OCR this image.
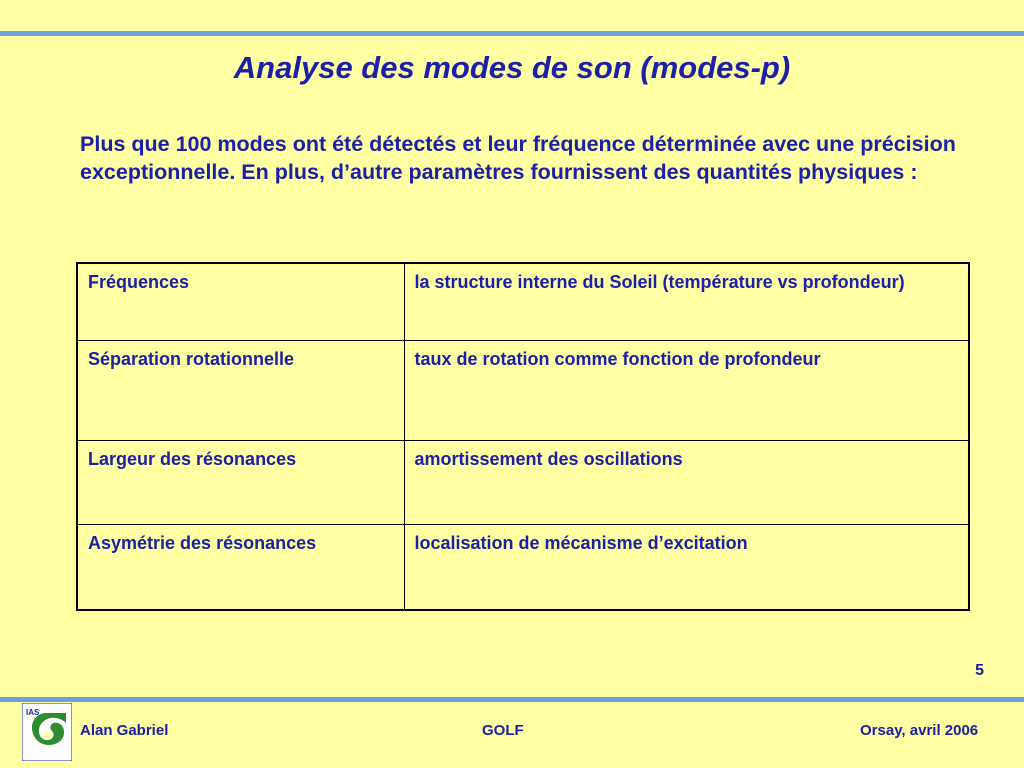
Analyse des modes de son (modes-p)
Plus que 100 modes ont été détectés et leur fréquence déterminée avec une précision exceptionnelle. En plus, d’autre paramètres fournissent des quantités physiques :
Fréquences	la structure interne du Soleil (température vs profondeur)
Séparation rotationnelle	taux de rotation comme fonction de profondeur
Largeur des résonances	amortissement des oscillations
Asymétrie des résonances	localisation de mécanisme d’excitation
5
IAS
Alan Gabriel	GOLF	Orsay, avril 2006
